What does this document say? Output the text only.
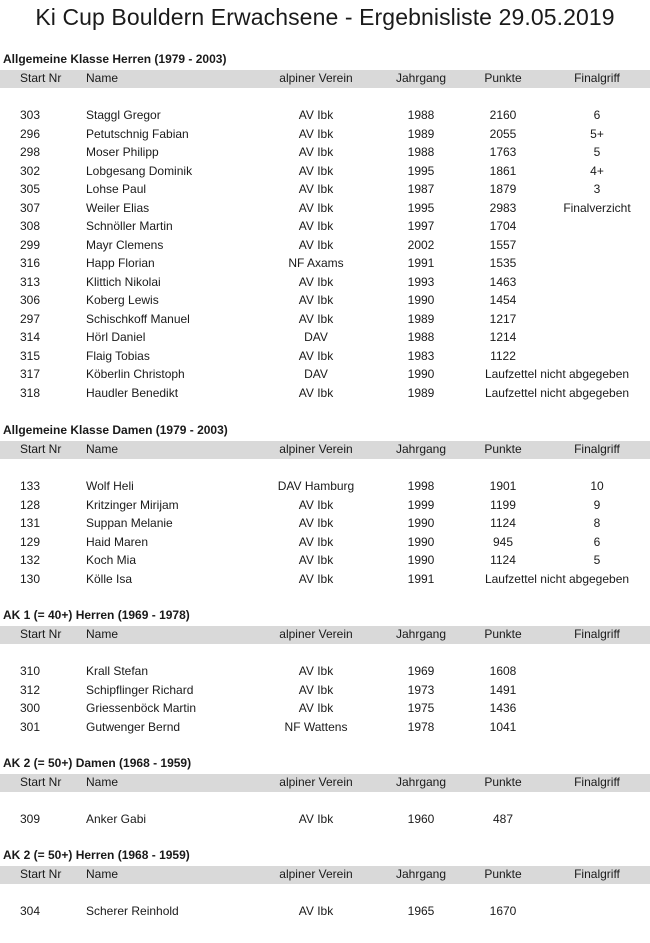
Ki Cup Bouldern Erwachsene - Ergebnisliste 29.05.2019
Allgemeine Klasse Herren (1979 - 2003)
Start Nr Name	alpiner Verein	Jahrgang	Punkte	Finalgriff
303	Staggl Gregor	AV Ibk	1988	2160	6
296	Petutschnig Fabian	AV Ibk	1989	2055	5+
298	Moser Philipp	AV Ibk	1988	1763	5
302	Lobgesang Dominik	AV Ibk	1995	1861	4+
305	Lohse Paul	AV Ibk	1987	1879	3
307	Weiler Elias	AV Ibk	1995	2983	Finalverzicht
308	Schnöller Martin	AV Ibk	1997	1704
299	Mayr Clemens	AV Ibk	2002	1557
316	Happ Florian	NF Axams	1991	1535
313	Klittich Nikolai	AV Ibk	1993	1463
306	Koberg Lewis	AV Ibk	1990	1454
297	Schischkoff Manuel	AV Ibk	1989	1217
314	Hörl Daniel	DAV	1988	1214
315	Flaig Tobias	AV Ibk	1983	1122
317	Köberlin Christoph	DAV	1990	Laufzettel nicht abgegeben
318	Haudler Benedikt	AV Ibk	1989	Laufzettel nicht abgegeben
Allgemeine Klasse Damen (1979 - 2003)
Start Nr Name	alpiner Verein	Jahrgang	Punkte	Finalgriff
133	Wolf Heli	DAV Hamburg	1998	1901	10
128	Kritzinger Mirijam	AV Ibk	1999	1199	9
131	Suppan Melanie	AV Ibk	1990	1124	8
129	Haid Maren	AV Ibk	1990	945	6
132	Koch Mia	AV Ibk	1990	1124	5
130	Kölle Isa	AV Ibk	1991	Laufzettel nicht abgegeben
AK 1 (= 40+) Herren (1969 - 1978)
Start Nr Name	alpiner Verein	Jahrgang	Punkte	Finalgriff
310	Krall Stefan	AV Ibk	1969	1608
312	Schipflinger Richard	AV Ibk	1973	1491
300	Griessenböck Martin	AV Ibk	1975	1436
301	Gutwenger Bernd	NF Wattens	1978	1041
AK 2 (= 50+) Damen (1968 - 1959)
Start Nr Name	alpiner Verein	Jahrgang	Punkte	Finalgriff
309	Anker Gabi	AV Ibk	1960	487
AK 2 (= 50+) Herren (1968 - 1959)
Start Nr Name	alpiner Verein	Jahrgang	Punkte	Finalgriff
304	Scherer Reinhold	AV Ibk	1965	1670
